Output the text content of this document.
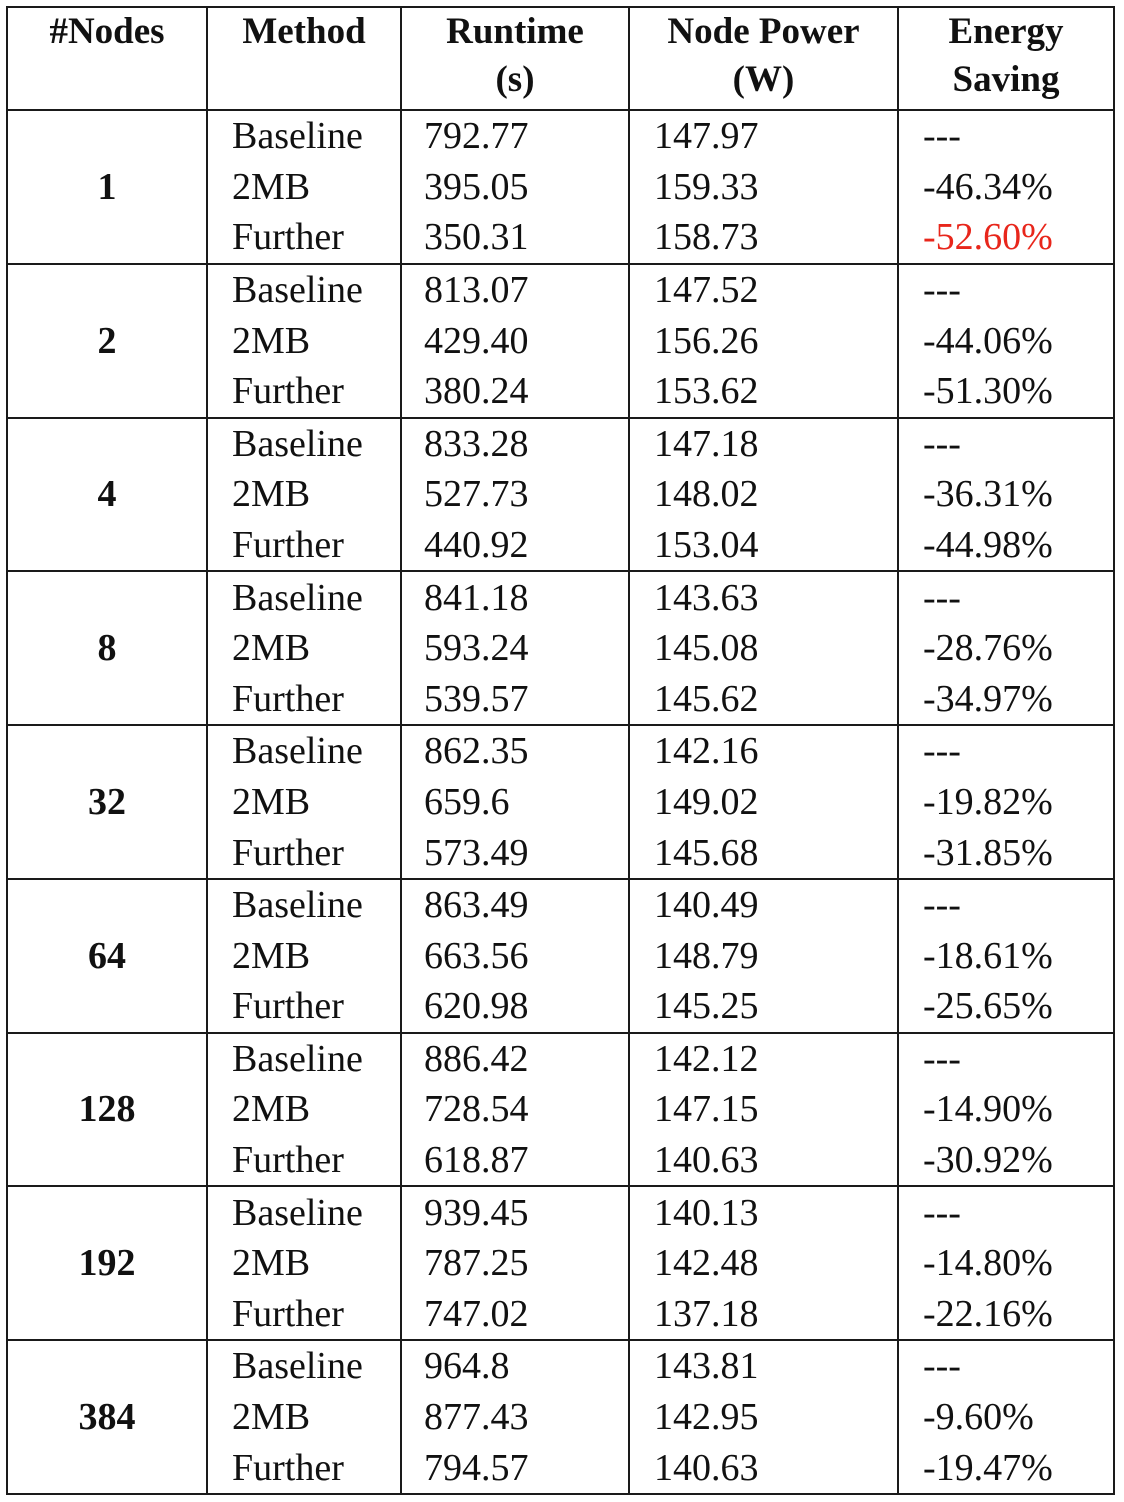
#Nodes	Method	Runtime (s)	Node Power (W)	Energy Saving
1	Baseline	792.77	147.97	---
	2MB	395.05	159.33	-46.34%
	Further	350.31	158.73	-52.60%
2	Baseline	813.07	147.52	---
	2MB	429.40	156.26	-44.06%
	Further	380.24	153.62	-51.30%
4	Baseline	833.28	147.18	---
	2MB	527.73	148.02	-36.31%
	Further	440.92	153.04	-44.98%
8	Baseline	841.18	143.63	---
	2MB	593.24	145.08	-28.76%
	Further	539.57	145.62	-34.97%
32	Baseline	862.35	142.16	---
	2MB	659.6	149.02	-19.82%
	Further	573.49	145.68	-31.85%
64	Baseline	863.49	140.49	---
	2MB	663.56	148.79	-18.61%
	Further	620.98	145.25	-25.65%
128	Baseline	886.42	142.12	---
	2MB	728.54	147.15	-14.90%
	Further	618.87	140.63	-30.92%
192	Baseline	939.45	140.13	---
	2MB	787.25	142.48	-14.80%
	Further	747.02	137.18	-22.16%
384	Baseline	964.8	143.81	---
	2MB	877.43	142.95	-9.60%
	Further	794.57	140.63	-19.47%
